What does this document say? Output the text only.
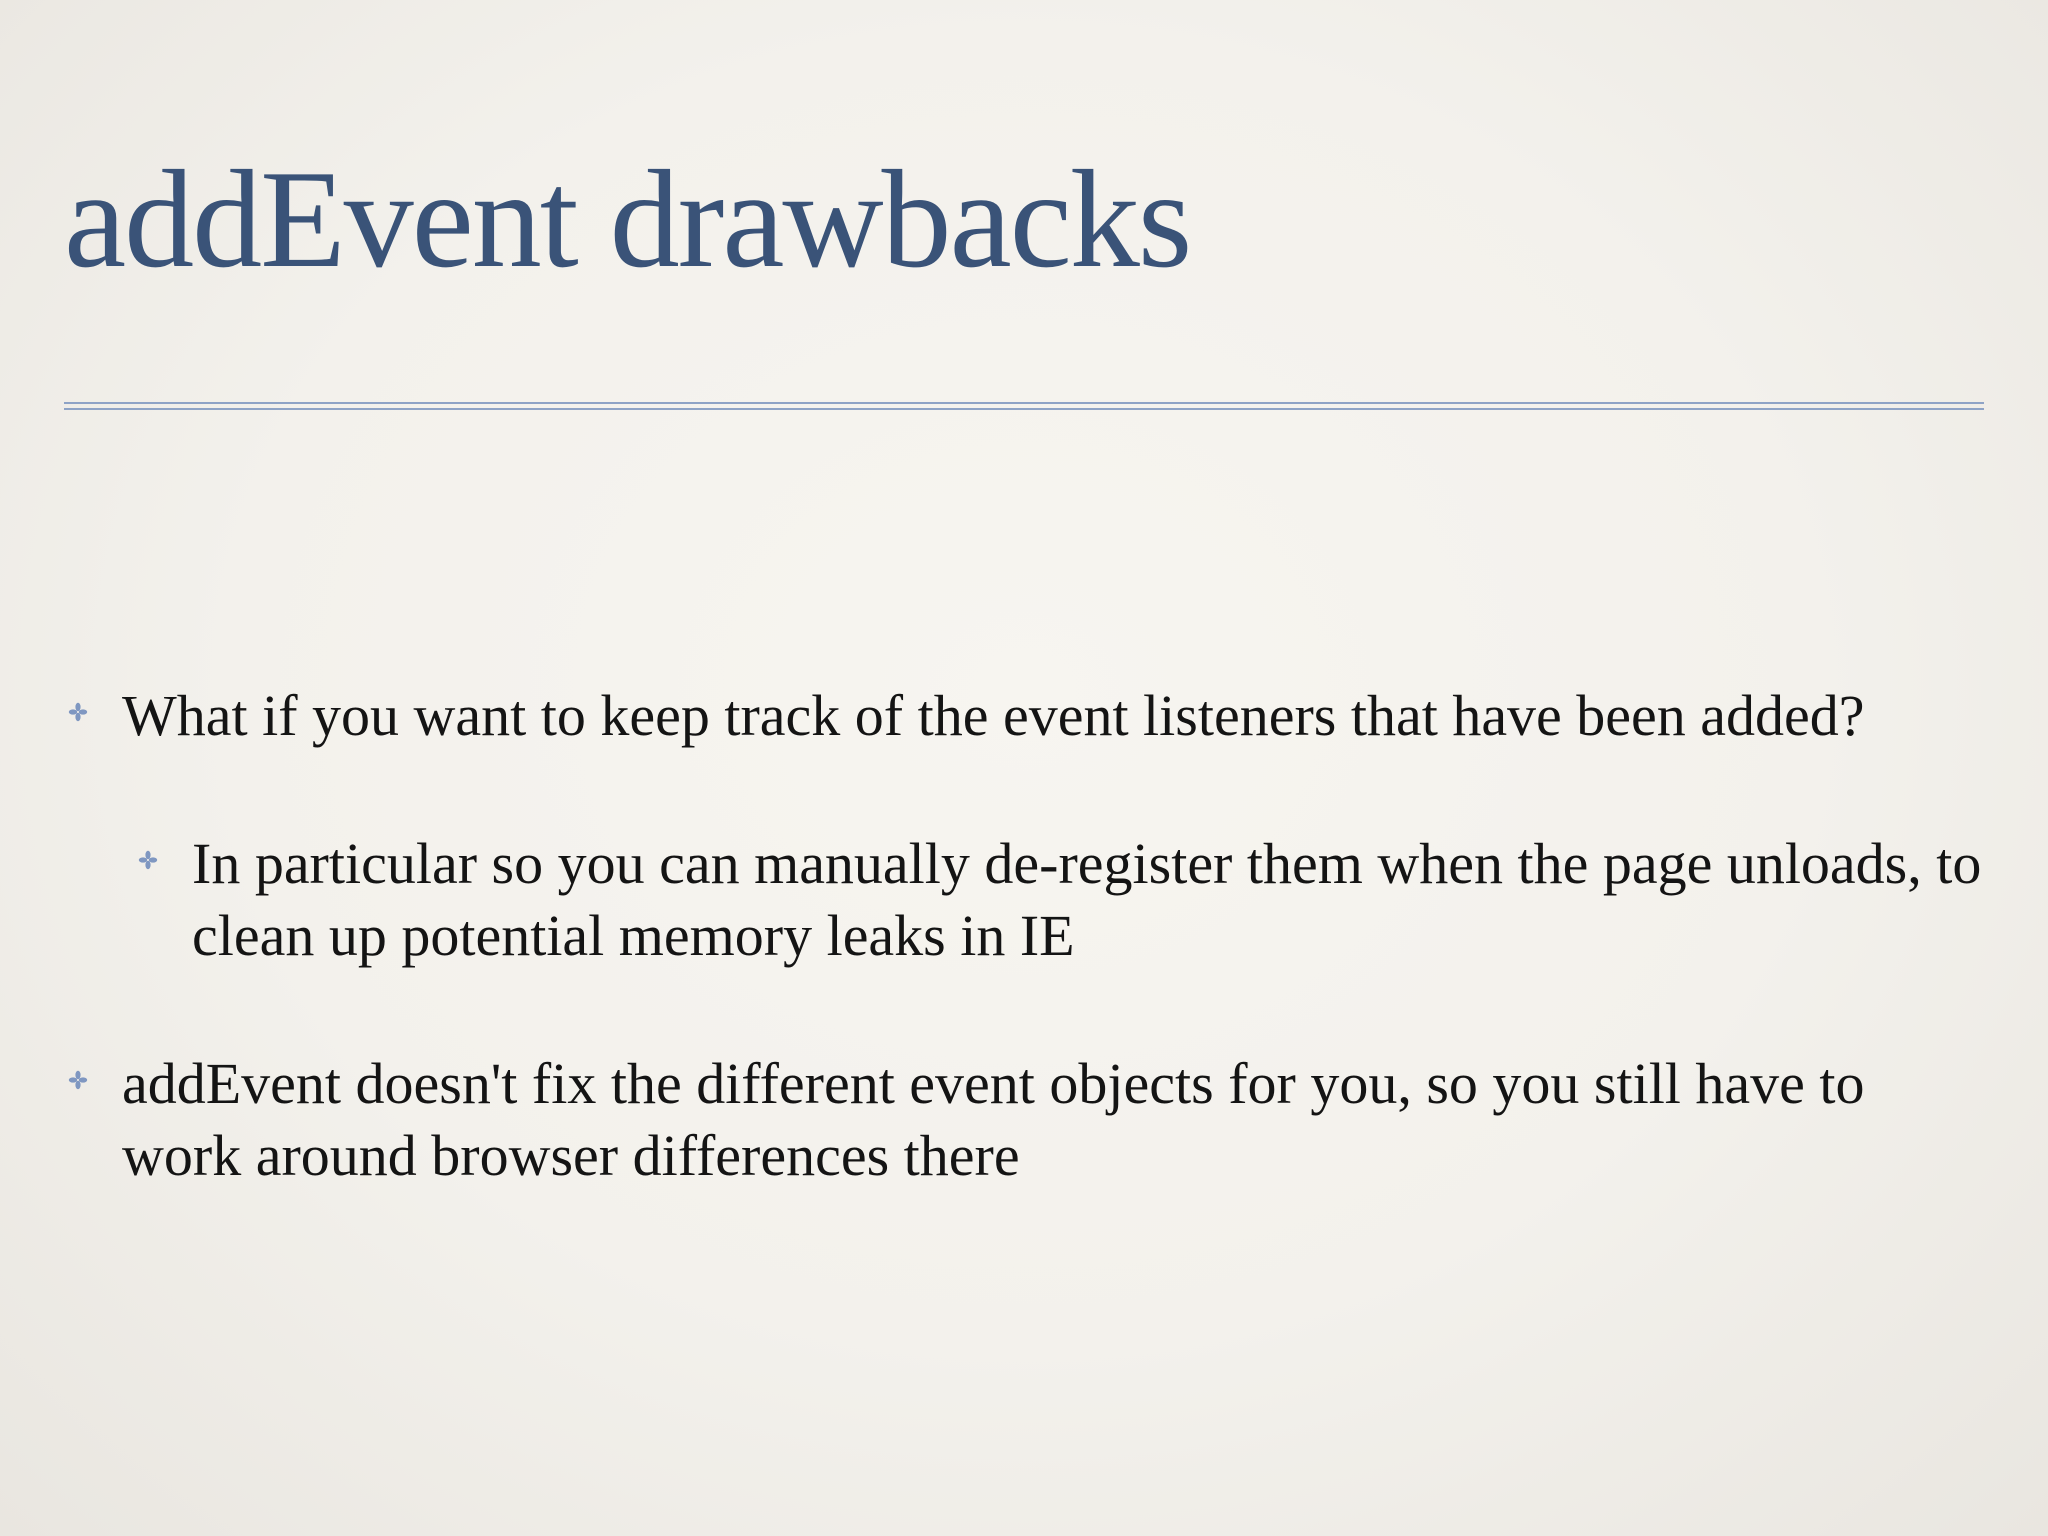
addEvent drawbacks
What if you want to keep track of the event listeners that have been added?
In particular so you can manually de-register them when the page unloads, to clean up potential memory leaks in IE
addEvent doesn't fix the different event objects for you, so you still have to work around browser differences there
